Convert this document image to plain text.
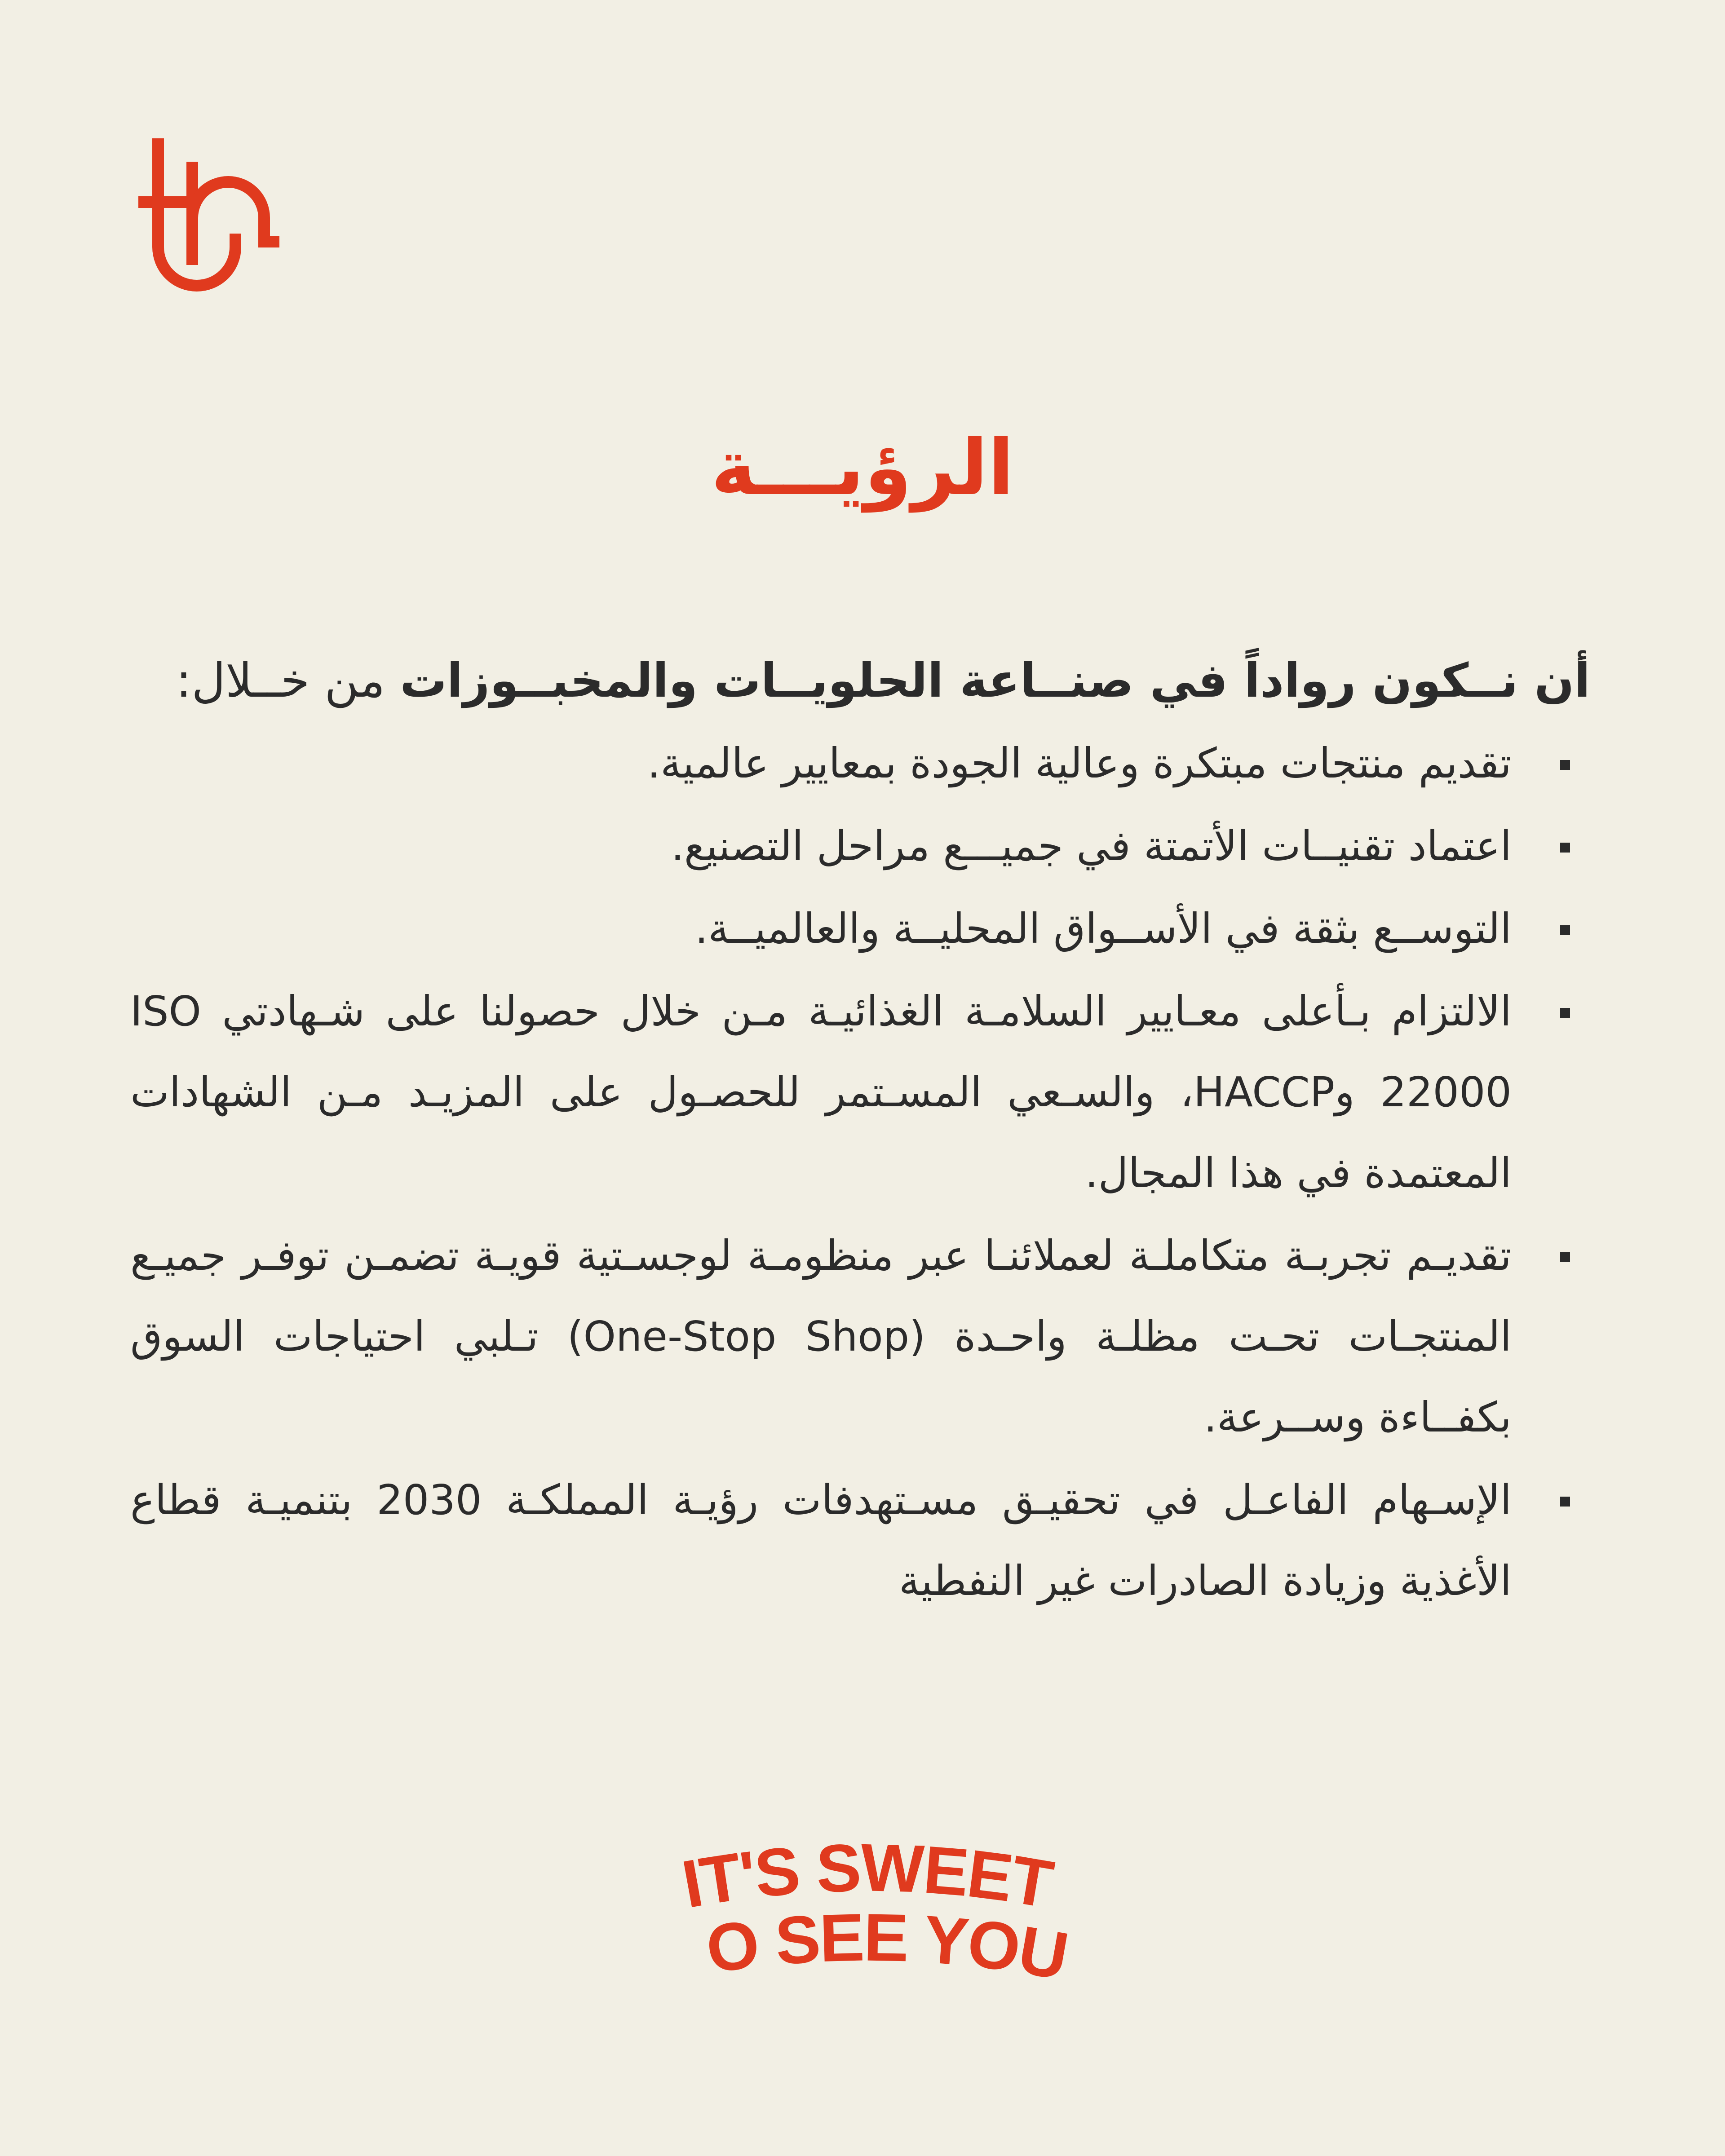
الرؤيـــة

أن نــكون رواداً في صنــاعة الحلويــات والمخبــوزات من خــلال:

تقديم منتجات مبتكرة وعالية الجودة بمعايير عالمية.
اعتماد تقنيــات الأتمتة في جميـــع مراحل التصنيع.
التوســع بثقة في الأســواق المحليــة والعالميــة.
الالتزام بـأعلى معـايير السلامـة الغذائيـة مـن خلال حصولنا على شـهادتي ISO 22000 وHACCP، والسـعي المسـتمر للحصـول على المزيـد مـن الشهادات المعتمدة في هذا المجال.
تقديـم تجربـة متكاملـة لعملائنـا عبر منظومـة لوجسـتية قويـة تضمـن توفـر جميـع المنتجـات تحـت مظلـة واحـدة (One-Stop Shop) تـلبي احتياجات السوق بكفــاءة وســرعة.
الإسـهام الفاعـل في تحقيـق مسـتهدفات رؤيـة المملكـة 2030 بتنميـة قطاع الأغذية وزيادة الصادرات غير النفطية
IT'S SWEET
O SEE YOU
